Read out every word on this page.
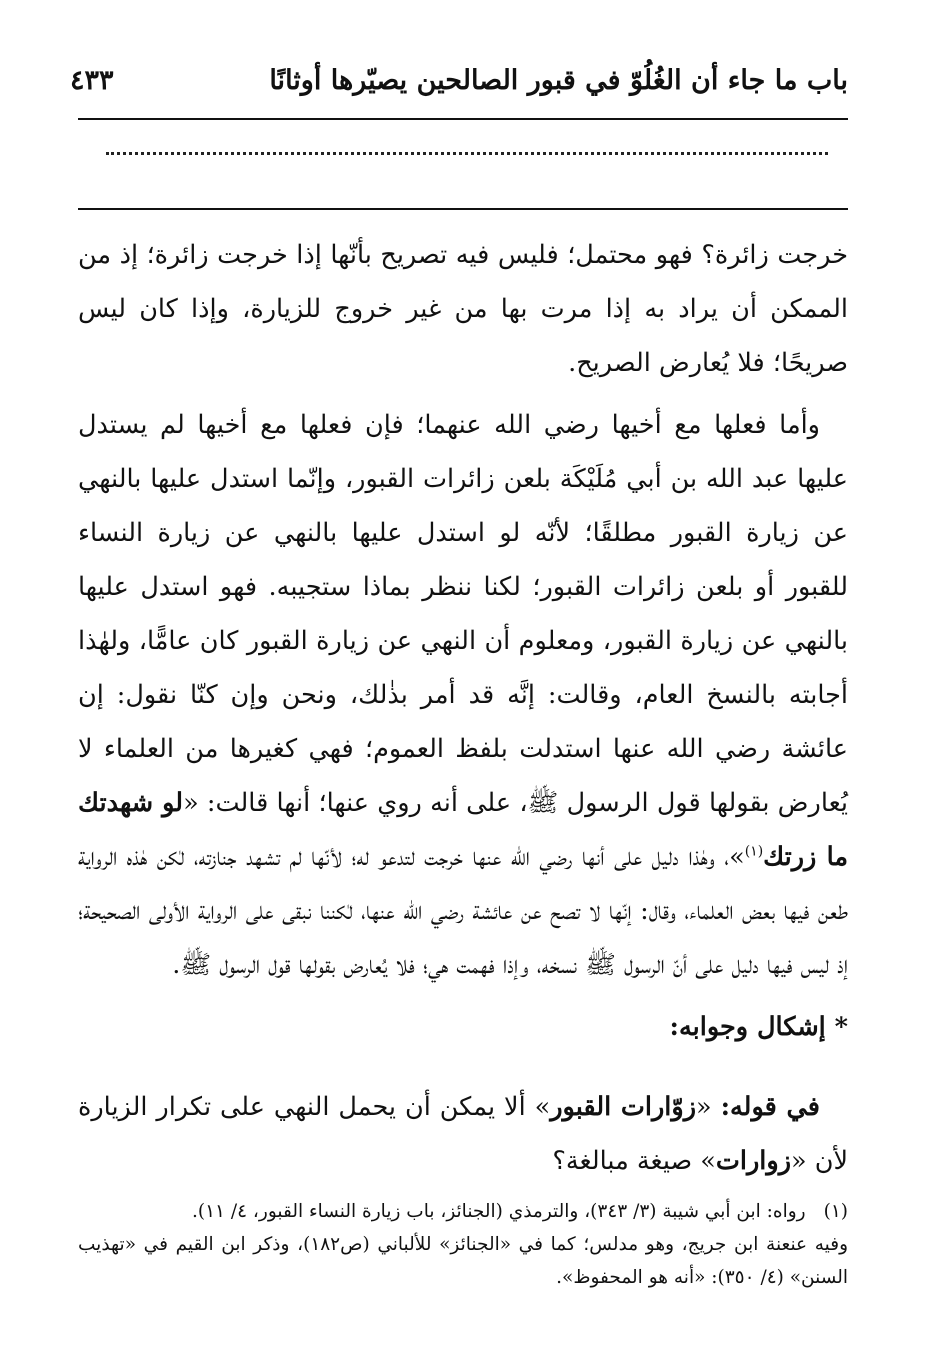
٤٣٣	باب ما جاء أن الغُلُوّ في قبور الصالحين يصيّرها أوثانًا

خرجت زائرة؟ فهو محتمل؛ فليس فيه تصريح بأنّها إذا خرجت زائرة؛ إذ من الممكن أن يراد به إذا مرت بها من غير خروج للزيارة، وإذا كان ليس صريحًا؛ فلا يُعارض الصريح.

وأما فعلها مع أخيها رضي الله عنهما؛ فإن فعلها مع أخيها لم يستدل عليها عبد الله بن أبي مُلَيْكَة بلعن زائرات القبور، وإنّما استدل عليها بالنهي عن زيارة القبور مطلقًا؛ لأنّه لو استدل عليها بالنهي عن زيارة النساء للقبور أو بلعن زائرات القبور؛ لكنا ننظر بماذا ستجيبه. فهو استدل عليها بالنهي عن زيارة القبور، ومعلوم أن النهي عن زيارة القبور كان عامًّا، ولهٰذا أجابته بالنسخ العام، وقالت: إنَّه قد أمر بذٰلك، ونحن وإن كنّا نقول: إن عائشة رضي الله عنها استدلت بلفظ العموم؛ فهي كغيرها من العلماء لا يُعارض بقولها قول الرسول ﷺ، على أنه روي عنها؛ أنها قالت: «لو شهدتك ما زرتك$^{(١)}$»، وهٰذا دليل على أنها رضي الله عنها خرجت لتدعو له؛ لأنّها لم تشهد جنازته، لٰكن هٰذه الرواية طعن فيها بعض العلماء، وقال: إنّها لا تصح عن عائشة رضي الله عنها، لٰكننا نبقى على الرواية الأولى الصحيحة؛ إذ ليس فيها دليل على أنّ الرسول ﷺ نسخه، وإذا فهمت هي؛ فلا يُعارض بقولها قول الرسول ﷺ.

* إشكال وجوابه:

في قوله: «زوّارات القبور» ألا يمكن أن يحمل النهي على تكرار الزيارة لأن «زوارات» صيغة مبالغة؟

(١)رواه: ابن أبي شيبة (٣/ ٣٤٣)، والترمذي (الجنائز، باب زيارة النساء القبور، ٤/ ١١).

وفيه عنعنة ابن جريج، وهو مدلس؛ كما في «الجنائز» للألباني (ص١٨٢)، وذكر ابن القيم في «تهذيب السنن» (٤/ ٣٥٠): «أنه هو المحفوظ».
